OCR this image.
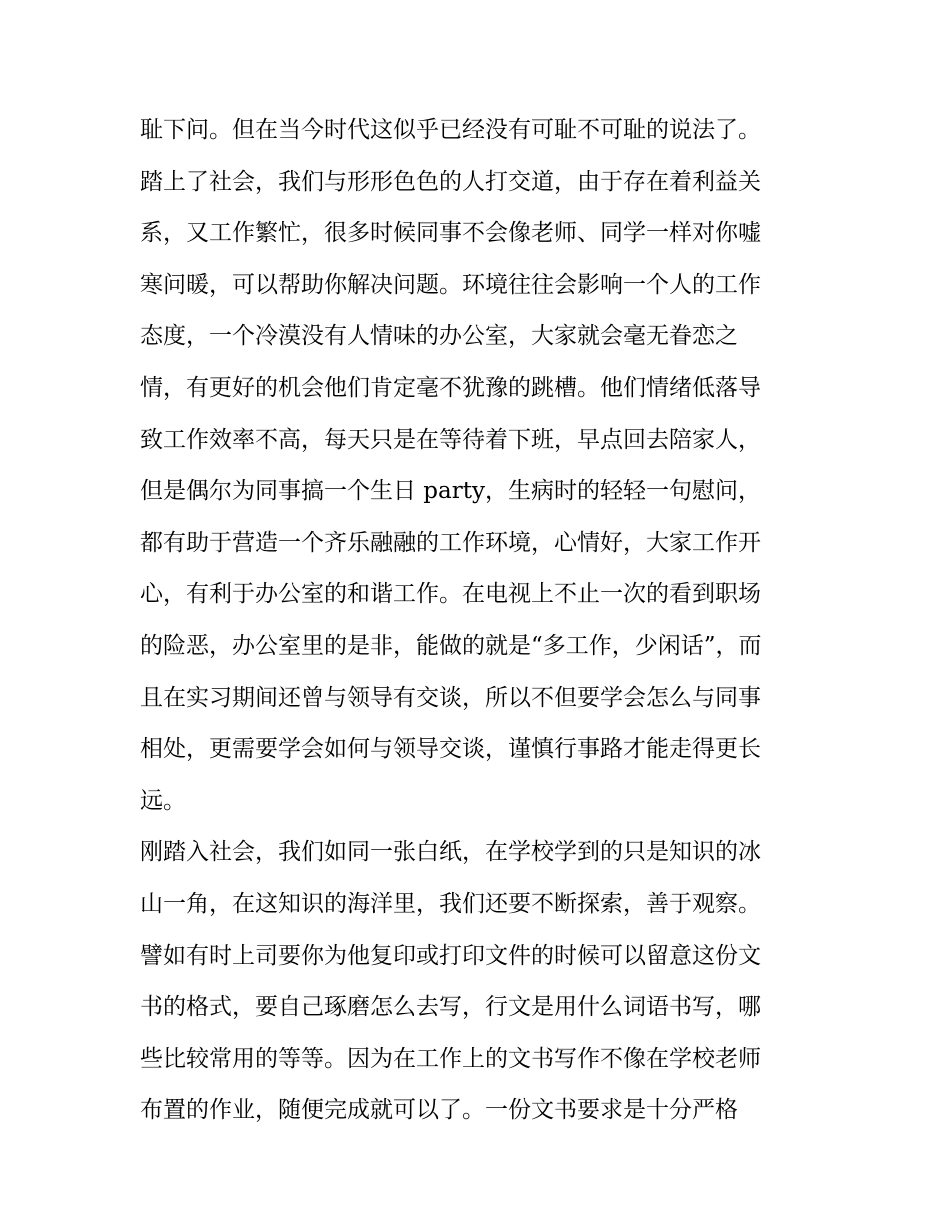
耻下问。但在当今时代这似乎已经没有可耻不可耻的说法了。
踏上了社会，我们与形形色色的人打交道，由于存在着利益关
系，又工作繁忙，很多时候同事不会像老师、同学一样对你嘘
寒问暖，可以帮助你解决问题。环境往往会影响一个人的工作
态度，一个冷漠没有人情味的办公室，大家就会毫无眷恋之
情，有更好的机会他们肯定毫不犹豫的跳槽。他们情绪低落导
致工作效率不高，每天只是在等待着下班，早点回去陪家人，
但是偶尔为同事搞一个生日 party，生病时的轻轻一句慰问，
都有助于营造一个齐乐融融的工作环境，心情好，大家工作开
心，有利于办公室的和谐工作。在电视上不止一次的看到职场
的险恶，办公室里的是非，能做的就是“多工作，少闲话”，而
且在实习期间还曾与领导有交谈，所以不但要学会怎么与同事
相处，更需要学会如何与领导交谈，谨慎行事路才能走得更长
远。
刚踏入社会，我们如同一张白纸，在学校学到的只是知识的冰
山一角，在这知识的海洋里，我们还要不断探索，善于观察。
譬如有时上司要你为他复印或打印文件的时候可以留意这份文
书的格式，要自己琢磨怎么去写，行文是用什么词语书写，哪
些比较常用的等等。因为在工作上的文书写作不像在学校老师
布置的作业，随便完成就可以了。一份文书要求是十分严格
